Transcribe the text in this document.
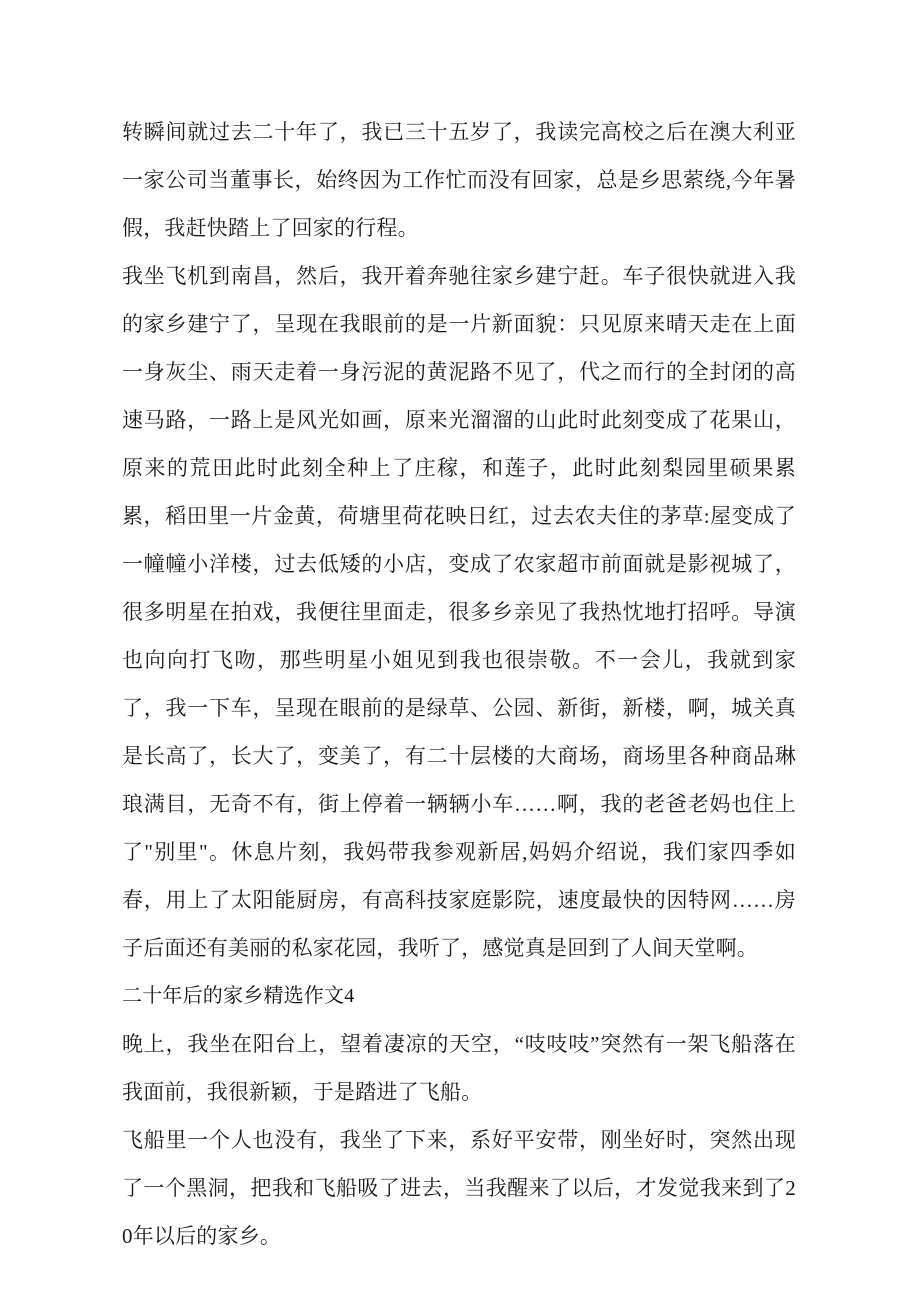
转瞬间就过去二十年了，我已三十五岁了，我读完高校之后在澳大利亚一家公司当董事长，始终因为工作忙而没有回家，总是乡思萦绕,今年暑假，我赶快踏上了回家的行程。

我坐飞机到南昌，然后，我开着奔驰往家乡建宁赶。车子很快就进入我的家乡建宁了，呈现在我眼前的是一片新面貌：只见原来晴天走在上面一身灰尘、雨天走着一身污泥的黄泥路不见了，代之而行的全封闭的高速马路，一路上是风光如画，原来光溜溜的山此时此刻变成了花果山，原来的荒田此时此刻全种上了庄稼，和莲子，此时此刻梨园里硕果累累，稻田里一片金黄，荷塘里荷花映日红，过去农夫住的茅草:屋变成了一幢幢小洋楼，过去低矮的小店，变成了农家超市前面就是影视城了，很多明星在拍戏，我便往里面走，很多乡亲见了我热忱地打招呼。导演也向向打飞吻，那些明星小姐见到我也很崇敬。不一会儿，我就到家了，我一下车，呈现在眼前的是绿草、公园、新街，新楼，啊，城关真是长高了，长大了，变美了，有二十层楼的大商场，商场里各种商品琳琅满目，无奇不有，街上停着一辆辆小车……啊，我的老爸老妈也住上了"别里"。休息片刻，我妈带我参观新居,妈妈介绍说，我们家四季如春，用上了太阳能厨房，有高科技家庭影院，速度最快的因特网……房子后面还有美丽的私家花园，我听了，感觉真是回到了人间天堂啊。

二十年后的家乡精选作文4

晚上，我坐在阳台上，望着凄凉的天空，“吱吱吱”突然有一架飞船落在我面前，我很新颖，于是踏进了飞船。

飞船里一个人也没有，我坐了下来，系好平安带，刚坐好时，突然出现了一个黑洞，把我和飞船吸了进去，当我醒来了以后，才发觉我来到了20年以后的家乡。
